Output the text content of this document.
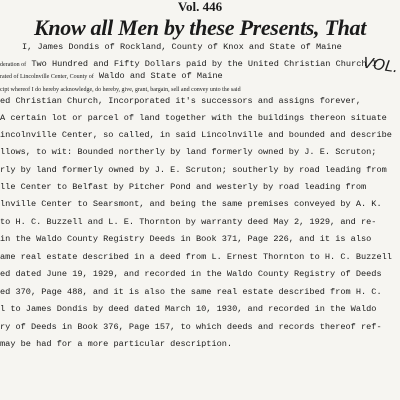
Vol. 446
Know all Men by these Presents, That
VOL.
I, James Dondis of Rockland, County of Knox and State of Maine
deration of Two Hundred and Fifty Dollars paid by the United Christian Church I
rated of Lincolnville Center, County of Waldo and State of Maine
cipt whereof I do hereby acknowledge, do hereby, give, grant, bargain, sell and convey unto the said
ed Christian Church, Incorporated it's successors and assigns forever,
A certain lot or parcel of land together with the buildings thereon situate
incolnville Center, so called, in said Lincolnville and bounded and describe
llows, to wit: Bounded northerly by land formerly owned by J. E. Scruton;
rly by land formerly owned by J. E. Scruton; southerly by road leading from
lle Center to Belfast by Pitcher Pond and westerly by road leading from
lnville Center to Searsmont, and being the same premises conveyed by A. K.
to H. C. Buzzell and L. E. Thornton by warranty deed May 2, 1929, and re-
in the Waldo County Registry Deeds in Book 371, Page 226, and it is also
ame real estate described in a deed from L. Ernest Thornton to H. C. Buzzell
ed dated June 19, 1929, and recorded in the Waldo County Registry of Deeds
ed 370, Page 488, and it is also the same real estate described from H. C.
l to James Dondis by deed dated March 10, 1930, and recorded in the Waldo
ry of Deeds in Book 376, Page 157, to which deeds and records thereof ref-
may be had for a more particular description.
